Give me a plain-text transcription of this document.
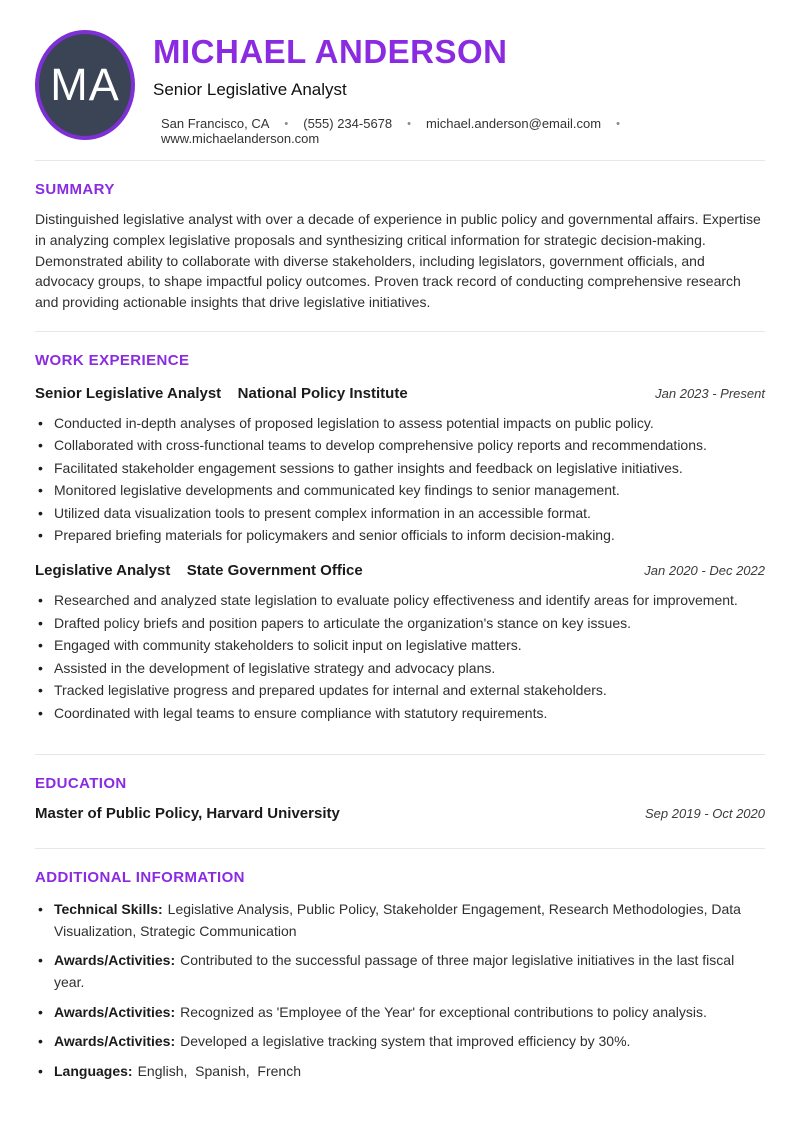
MA
MICHAEL ANDERSON
Senior Legislative Analyst
San Francisco, CA • (555) 234-5678 • michael.anderson@email.com •
www.michaelanderson.com
SUMMARY
Distinguished legislative analyst with over a decade of experience in public policy and governmental affairs. Expertise in analyzing complex legislative proposals and synthesizing critical information for strategic decision-making. Demonstrated ability to collaborate with diverse stakeholders, including legislators, government officials, and advocacy groups, to shape impactful policy outcomes. Proven track record of conducting comprehensive research and providing actionable insights that drive legislative initiatives.
WORK EXPERIENCE
Senior Legislative Analyst National Policy Institute	Jan 2023 - Present
• Conducted in-depth analyses of proposed legislation to assess potential impacts on public policy.
• Collaborated with cross-functional teams to develop comprehensive policy reports and recommendations.
• Facilitated stakeholder engagement sessions to gather insights and feedback on legislative initiatives.
• Monitored legislative developments and communicated key findings to senior management.
• Utilized data visualization tools to present complex information in an accessible format.
• Prepared briefing materials for policymakers and senior officials to inform decision-making.
Legislative Analyst State Government Office	Jan 2020 - Dec 2022
• Researched and analyzed state legislation to evaluate policy effectiveness and identify areas for improvement.
• Drafted policy briefs and position papers to articulate the organization's stance on key issues.
• Engaged with community stakeholders to solicit input on legislative matters.
• Assisted in the development of legislative strategy and advocacy plans.
• Tracked legislative progress and prepared updates for internal and external stakeholders.
• Coordinated with legal teams to ensure compliance with statutory requirements.
EDUCATION
Master of Public Policy, Harvard University	Sep 2019 - Oct 2020
ADDITIONAL INFORMATION
• Technical Skills: Legislative Analysis, Public Policy, Stakeholder Engagement, Research Methodologies, Data Visualization, Strategic Communication
• Awards/Activities: Contributed to the successful passage of three major legislative initiatives in the last fiscal year.
• Awards/Activities: Recognized as 'Employee of the Year' for exceptional contributions to policy analysis.
• Awards/Activities: Developed a legislative tracking system that improved efficiency by 30%.
• Languages: English,  Spanish,  French
